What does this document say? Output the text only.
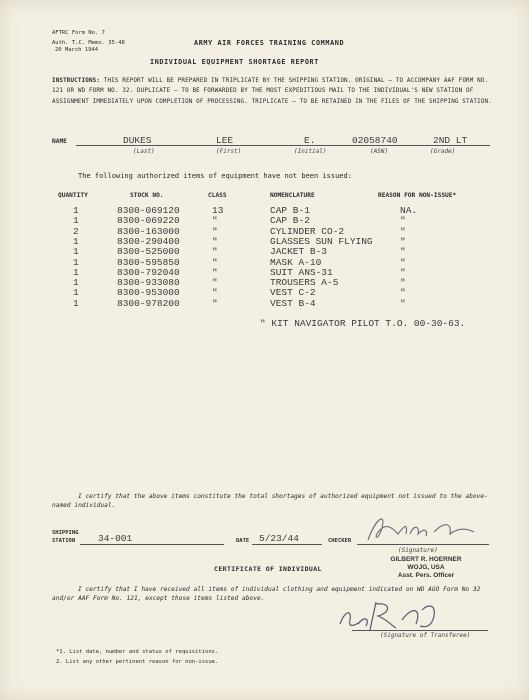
AFTRC Form No. 7
Auth. T.C. Memo. 35-48
20 March 1944
ARMY AIR FORCES TRAINING COMMAND
INDIVIDUAL EQUIPMENT SHORTAGE REPORT
INSTRUCTIONS: THIS REPORT WILL BE PREPARED IN TRIPLICATE BY THE SHIPPING STATION. ORIGINAL — TO ACCOMPANY AAF FORM NO. 121 OR WD FORM NO. 32. DUPLICATE — TO BE FORWARDED BY THE MOST EXPEDITIOUS MAIL TO THE INDIVIDUAL'S NEW STATION OF ASSIGNMENT IMMEDIATELY UPON COMPLETION OF PROCESSING. TRIPLICATE — TO BE RETAINED IN THE FILES OF THE SHIPPING STATION.
NAME	DUKES	LEE	E.	02058740	2ND LT
(Last)	(First)	(Initial)	(ASN)	(Grade)
The following authorized items of equipment have not been issued:
QUANTITY	STOCK NO.	CLASS	NOMENCLATURE	REASON FOR NON-ISSUE*
1	8300-069120	13	CAP B-1	NA.
1	8300-069220	"	CAP B-2	"
2	8300-163000	"	CYLINDER CO-2	"
1	8300-290400	"	GLASSES SUN FLYING	"
1	8300-525000	"	JACKET B-3	"
1	8300-595850	"	MASK A-10	"
1	8300-792040	"	SUIT ANS-31	"
1	8300-933080	"	TROUSERS A-5	"
1	8300-953000	"	VEST C-2	"
1	8300-978200	"	VEST B-4	"
" KIT NAVIGATOR PILOT T.O. 00-30-63.
I certify that the above items constitute the total shortages of authorized equipment not issued to the above-named individual.
SHIPPING
STATION 34-001	DATE 5/23/44	CHECKER
(Signature)
GILBERT R. HOERNER
WOJG, USA
Asst. Pers. Officer
CERTIFICATE OF INDIVIDUAL
I certify that I have received all items of individual clothing and equipment indicated on WD AGO Form No 32 and/or AAF Form No. 121, except those items listed above.
(Signature of Transferee)
*1. List date, number and status of requisitions.
2. List any other pertinent reason for non-issue.
